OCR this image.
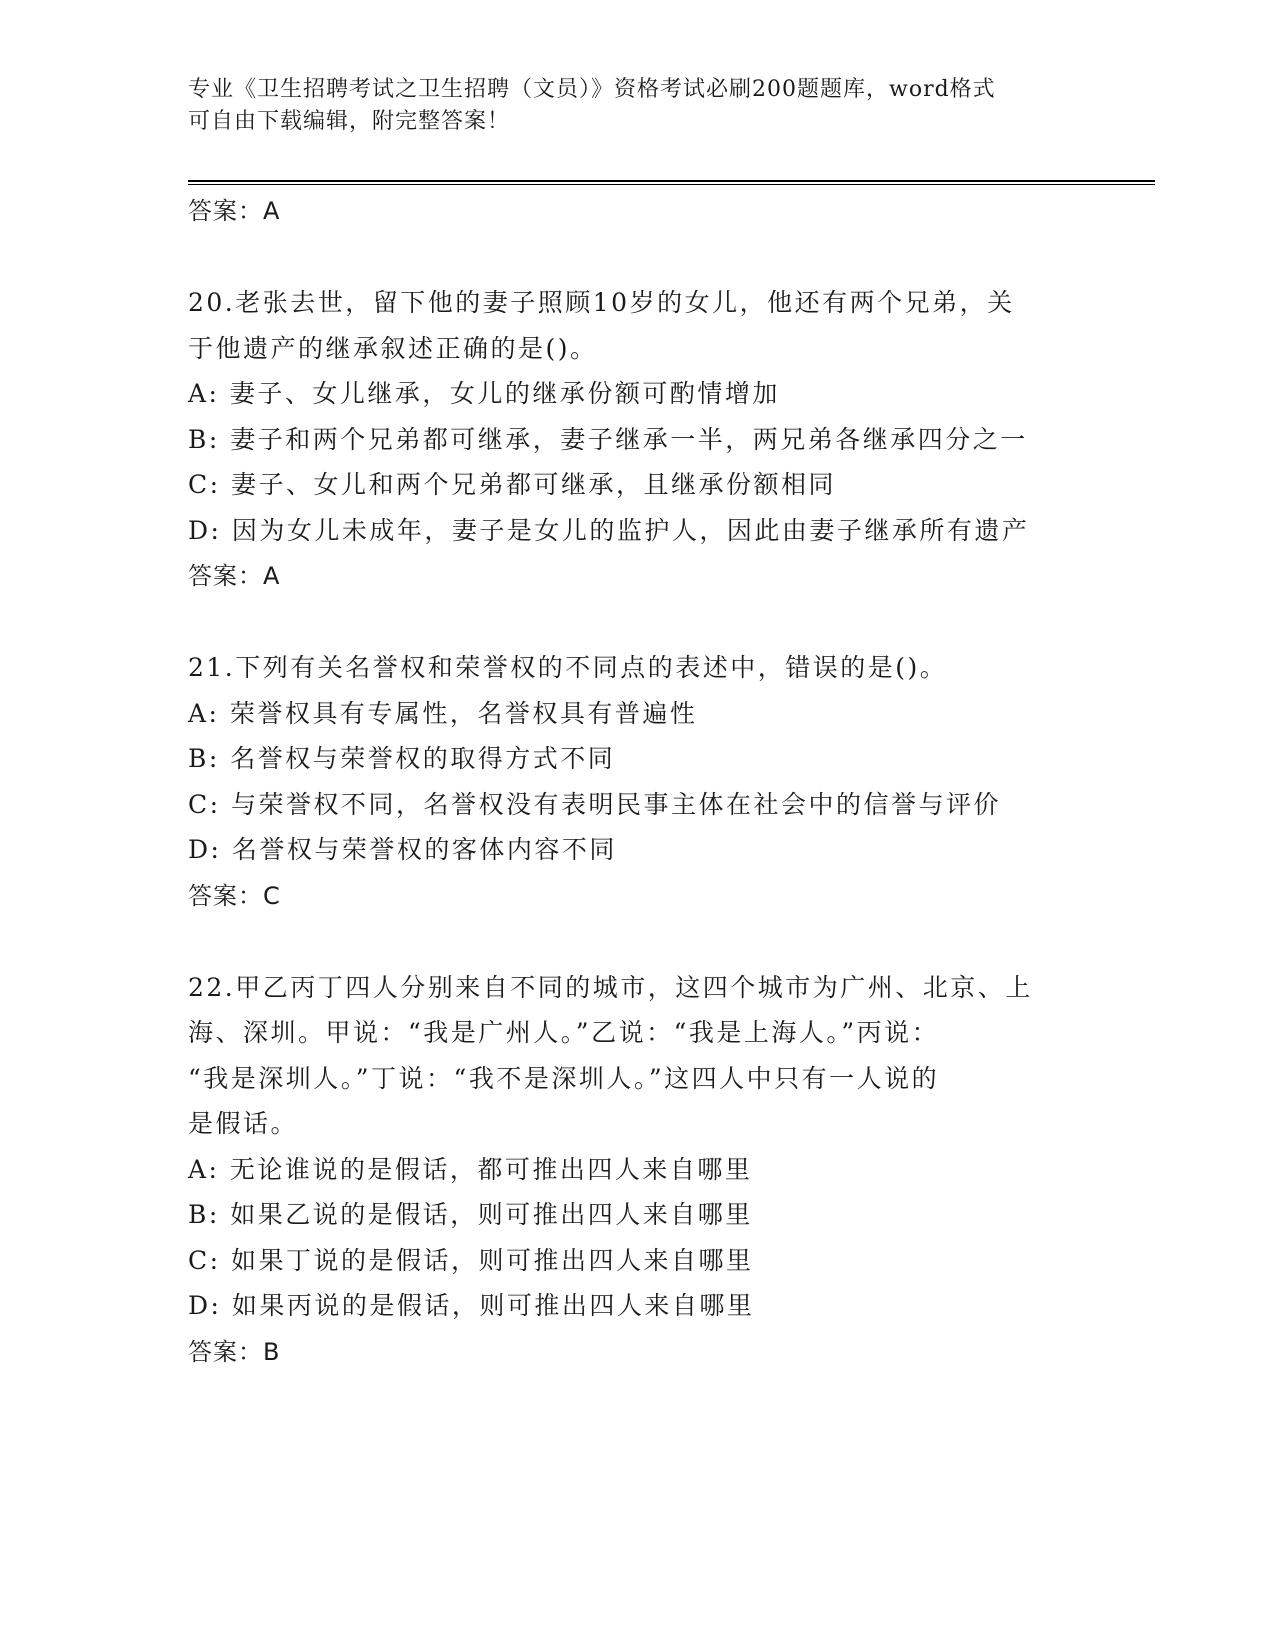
专业《卫生招聘考试之卫生招聘（文员）》资格考试必刷200题题库，word格式
可自由下载编辑，附完整答案！
答案：A
20.老张去世，留下他的妻子照顾10岁的女儿，他还有两个兄弟，关
于他遗产的继承叙述正确的是()。
A: 妻子、女儿继承，女儿的继承份额可酌情增加
B: 妻子和两个兄弟都可继承，妻子继承一半，两兄弟各继承四分之一
C: 妻子、女儿和两个兄弟都可继承，且继承份额相同
D: 因为女儿未成年，妻子是女儿的监护人，因此由妻子继承所有遗产
答案：A
21.下列有关名誉权和荣誉权的不同点的表述中，错误的是()。
A: 荣誉权具有专属性，名誉权具有普遍性
B: 名誉权与荣誉权的取得方式不同
C: 与荣誉权不同，名誉权没有表明民事主体在社会中的信誉与评价
D: 名誉权与荣誉权的客体内容不同
答案：C
22.甲乙丙丁四人分别来自不同的城市，这四个城市为广州、北京、上
海、深圳。甲说：“我是广州人。”乙说：“我是上海人。”丙说：
“我是深圳人。”丁说：“我不是深圳人。”这四人中只有一人说的
是假话。
A: 无论谁说的是假话，都可推出四人来自哪里
B: 如果乙说的是假话，则可推出四人来自哪里
C: 如果丁说的是假话，则可推出四人来自哪里
D: 如果丙说的是假话，则可推出四人来自哪里
答案：B
